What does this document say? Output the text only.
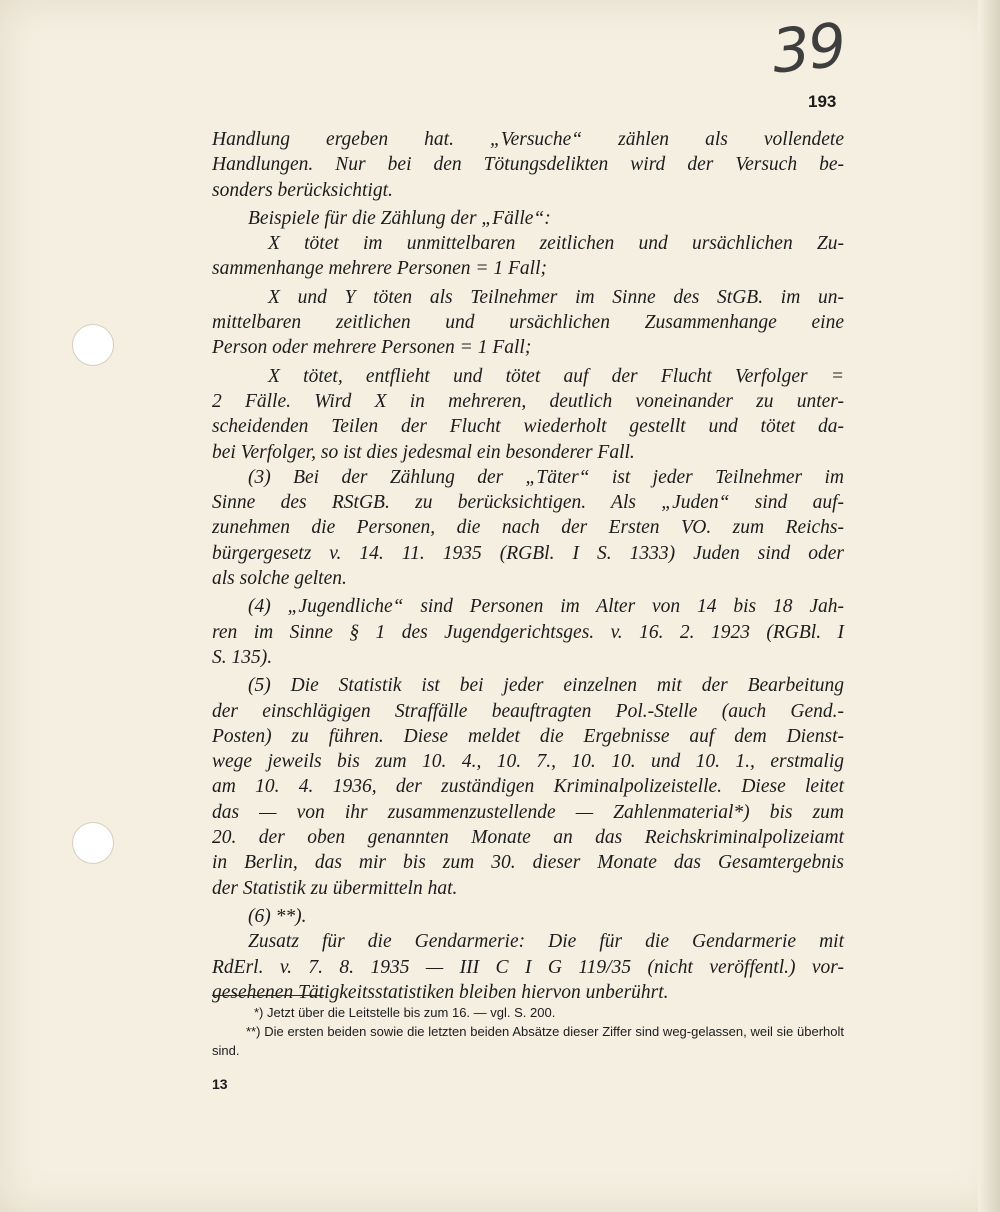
39
193
Handlung ergeben hat. „Versuche“ zählen als vollendete
Handlungen. Nur bei den Tötungsdelikten wird der Versuch be-
sonders berücksichtigt.
Beispiele für die Zählung der „Fälle“:
X tötet im unmittelbaren zeitlichen und ursächlichen Zu-
sammenhange mehrere Personen = 1 Fall;
X und Y töten als Teilnehmer im Sinne des StGB. im un-
mittelbaren zeitlichen und ursächlichen Zusammenhange eine
Person oder mehrere Personen = 1 Fall;
X tötet, entflieht und tötet auf der Flucht Verfolger =
2 Fälle. Wird X in mehreren, deutlich voneinander zu unter-
scheidenden Teilen der Flucht wiederholt gestellt und tötet da-
bei Verfolger, so ist dies jedesmal ein besonderer Fall.
(3) Bei der Zählung der „Täter“ ist jeder Teilnehmer im
Sinne des RStGB. zu berücksichtigen. Als „Juden“ sind auf-
zunehmen die Personen, die nach der Ersten VO. zum Reichs-
bürgergesetz v. 14. 11. 1935 (RGBl. I S. 1333) Juden sind oder
als solche gelten.
(4) „Jugendliche“ sind Personen im Alter von 14 bis 18 Jah-
ren im Sinne § 1 des Jugendgerichtsges. v. 16. 2. 1923 (RGBl. I
S. 135).
(5) Die Statistik ist bei jeder einzelnen mit der Bearbeitung
der einschlägigen Straffälle beauftragten Pol.-Stelle (auch Gend.-
Posten) zu führen. Diese meldet die Ergebnisse auf dem Dienst-
wege jeweils bis zum 10. 4., 10. 7., 10. 10. und 10. 1., erstmalig
am 10. 4. 1936, der zuständigen Kriminalpolizeistelle. Diese leitet
das — von ihr zusammenzustellende — Zahlenmaterial*) bis zum
20. der oben genannten Monate an das Reichskriminalpolizeiamt
in Berlin, das mir bis zum 30. dieser Monate das Gesamtergebnis
der Statistik zu übermitteln hat.
(6) **).
Zusatz für die Gendarmerie: Die für die Gendarmerie mit
RdErl. v. 7. 8. 1935 — III C I G 119/35 (nicht veröffentl.) vor-
gesehenen Tätigkeitsstatistiken bleiben hiervon unberührt.
*) Jetzt über die Leitstelle bis zum 16. — vgl. S. 200.
**) Die ersten beiden sowie die letzten beiden Absätze dieser Ziffer sind weg-gelassen, weil sie überholt sind.
13
